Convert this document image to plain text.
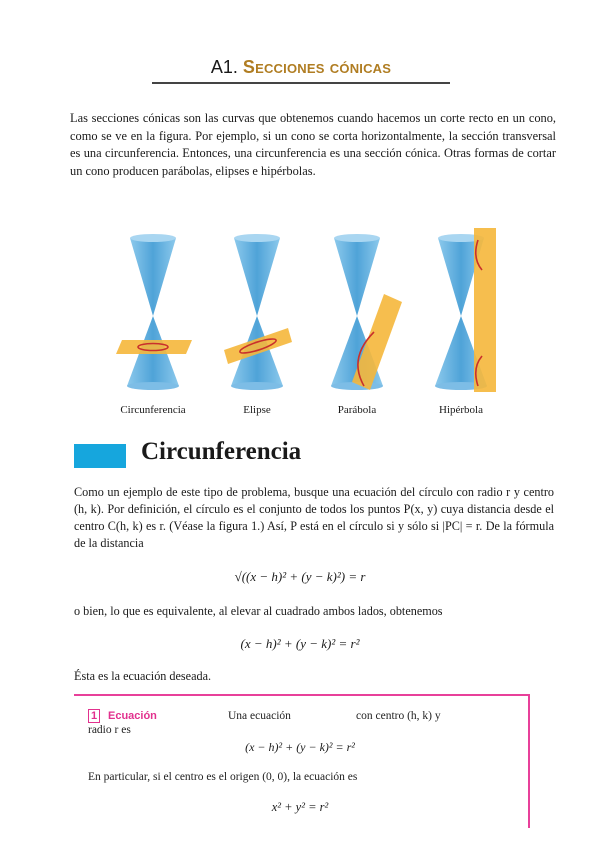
A1. Secciones cónicas

Las secciones cónicas son las curvas que obtenemos cuando hacemos un corte recto en un cono, como se ve en la figura. Por ejemplo, si un cono se corta horizontalmente, la sección transversal es una circunferencia. Entonces, una circunferencia es una sección cónica. Otras formas de cortar un cono producen parábolas, elipses e hipérbolas.

Circunferencia	Elipse	Parábola	Hipérbola
Circunferencia

Como un ejemplo de este tipo de problema, busque una ecuación del círculo con radio r y centro (h, k). Por definición, el círculo es el conjunto de todos los puntos P(x, y) cuya distancia desde el centro C(h, k) es r. (Véase la figura 1.) Así, P está en el círculo si y sólo si |PC| = r. De la fórmula de la distancia

√((x − h)² + (y − k)²) = r

o bien, lo que es equivalente, al elevar al cuadrado ambos lados, obtenemos

(x − h)² + (y − k)² = r²

Ésta es la ecuación deseada.

1 Ecuación	Una ecuación	con centro (h, k) y
radio r es
(x − h)² + (y − k)² = r²
En particular, si el centro es el origen (0, 0), la ecuación es
x² + y² = r²
